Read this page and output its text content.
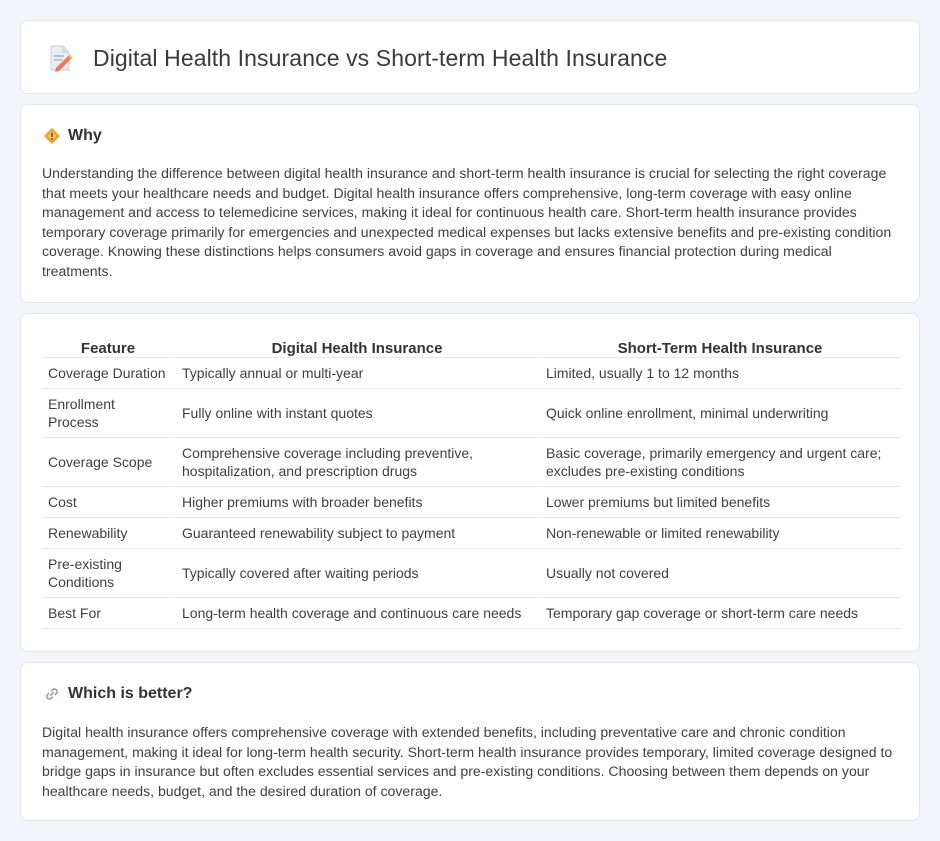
Digital Health Insurance vs Short-term Health Insurance
Why

Understanding the difference between digital health insurance and short-term health insurance is crucial for selecting the right coverage that meets your healthcare needs and budget. Digital health insurance offers comprehensive, long-term coverage with easy online management and access to telemedicine services, making it ideal for continuous health care. Short-term health insurance provides temporary coverage primarily for emergencies and unexpected medical expenses but lacks extensive benefits and pre-existing condition coverage. Knowing these distinctions helps consumers avoid gaps in coverage and ensures financial protection during medical treatments.

Feature	Digital Health Insurance	Short-Term Health Insurance
Coverage Duration	Typically annual or multi-year	Limited, usually 1 to 12 months
Enrollment Process	Fully online with instant quotes	Quick online enrollment, minimal underwriting
Coverage Scope	Comprehensive coverage including preventive, hospitalization, and prescription drugs	Basic coverage, primarily emergency and urgent care; excludes pre-existing conditions
Cost	Higher premiums with broader benefits	Lower premiums but limited benefits
Renewability	Guaranteed renewability subject to payment	Non-renewable or limited renewability
Pre-existing Conditions	Typically covered after waiting periods	Usually not covered
Best For	Long-term health coverage and continuous care needs	Temporary gap coverage or short-term care needs
Which is better?

Digital health insurance offers comprehensive coverage with extended benefits, including preventative care and chronic condition management, making it ideal for long-term health security. Short-term health insurance provides temporary, limited coverage designed to bridge gaps in insurance but often excludes essential services and pre-existing conditions. Choosing between them depends on your healthcare needs, budget, and the desired duration of coverage.
